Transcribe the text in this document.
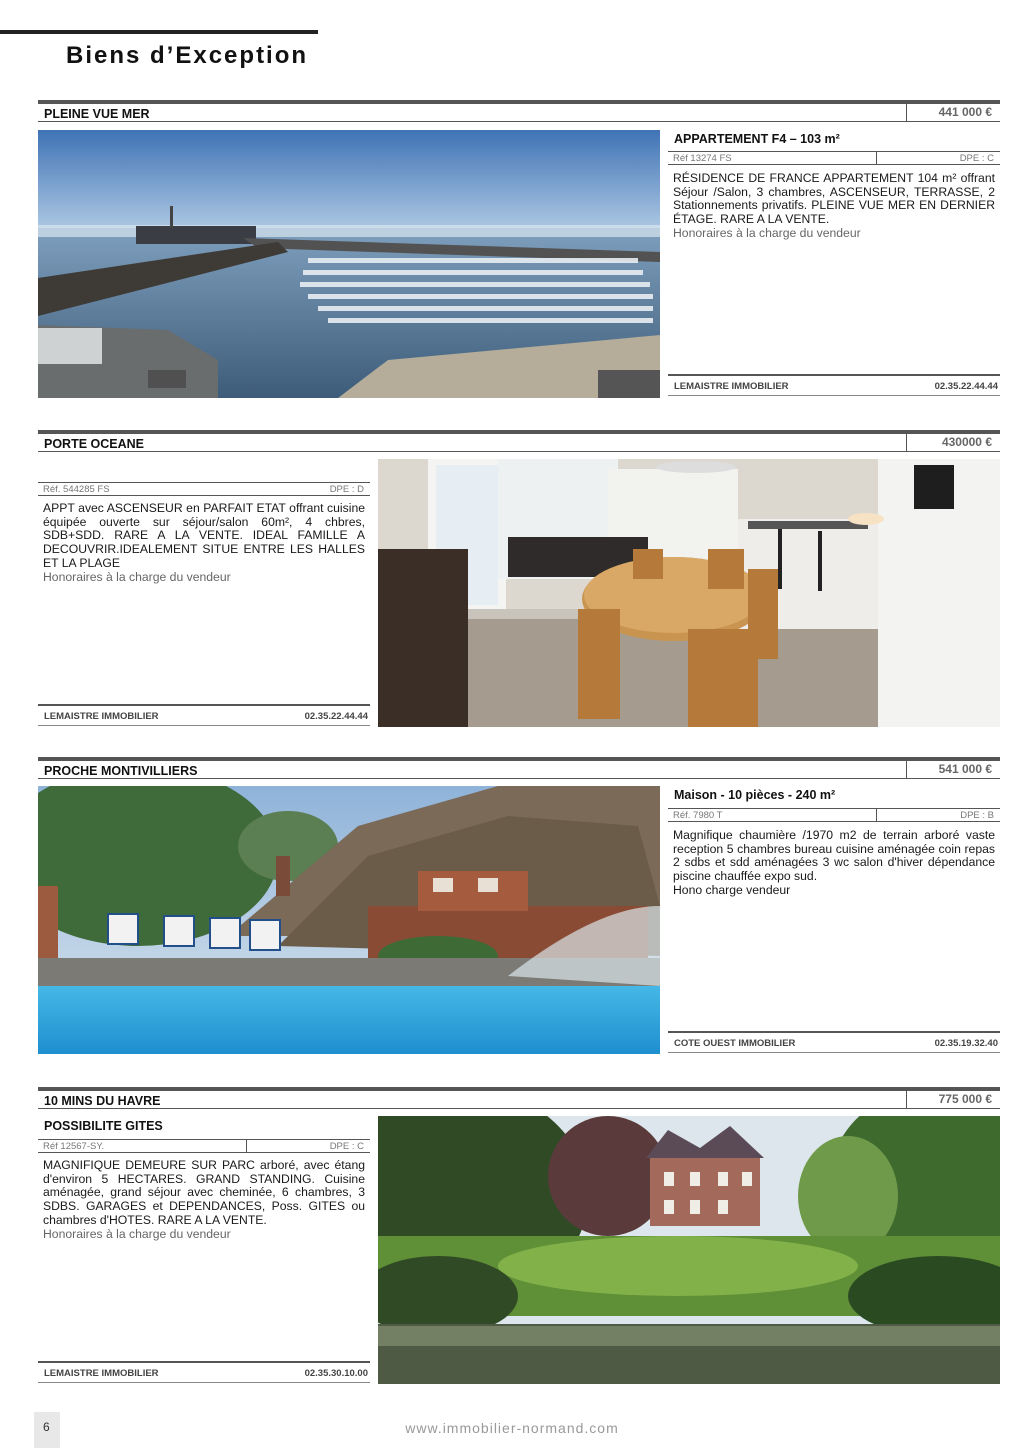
Biens d’Exception
PLEINE VUE MER	441 000 €
APPARTEMENT F4 – 103 m²
Réf 13274 FS	DPE : C
RÉSIDENCE DE FRANCE APPARTEMENT 104 m² offrant Séjour /Salon, 3 chambres, ASCENSEUR, TERRASSE, 2 Stationnements privatifs. PLEINE VUE MER EN DERNIER ÉTAGE. RARE A LA VENTE.
Honoraires à la charge du vendeur
LEMAISTRE IMMOBILIER	02.35.22.44.44
PORTE OCEANE	430000 €
Réf. 544285 FS	DPE : D
APPT avec ASCENSEUR en PARFAIT ETAT offrant cuisine équipée ouverte sur séjour/salon 60m², 4 chbres, SDB+SDD. RARE A LA VENTE. IDEAL FAMILLE A DECOUVRIR.IDEALEMENT SITUE ENTRE LES HALLES ET LA PLAGE
Honoraires à la charge du vendeur
LEMAISTRE IMMOBILIER	02.35.22.44.44
PROCHE MONTIVILLIERS	541 000 €
Maison - 10 pièces - 240 m²
Réf. 7980 T	DPE : B
Magnifique chaumière /1970 m2 de terrain arboré vaste reception 5 chambres bureau cuisine aménagée coin repas 2 sdbs et sdd aménagées 3 wc salon d'hiver dépendance piscine chauffée expo sud.
Hono charge vendeur
COTE OUEST IMMOBILIER	02.35.19.32.40
10 MINS DU HAVRE	775 000 €
POSSIBILITE GITES
Réf 12567-SY.	DPE : C
MAGNIFIQUE DEMEURE SUR PARC arboré, avec étang d'environ 5 HECTARES. GRAND STANDING. Cuisine aménagée, grand séjour avec cheminée, 6 chambres, 3 SDBS. GARAGES et DEPENDANCES, Poss. GITES ou chambres d'HOTES. RARE A LA VENTE.
Honoraires à la charge du vendeur
LEMAISTRE IMMOBILIER	02.35.30.10.00
6	www.immobilier-normand.com
